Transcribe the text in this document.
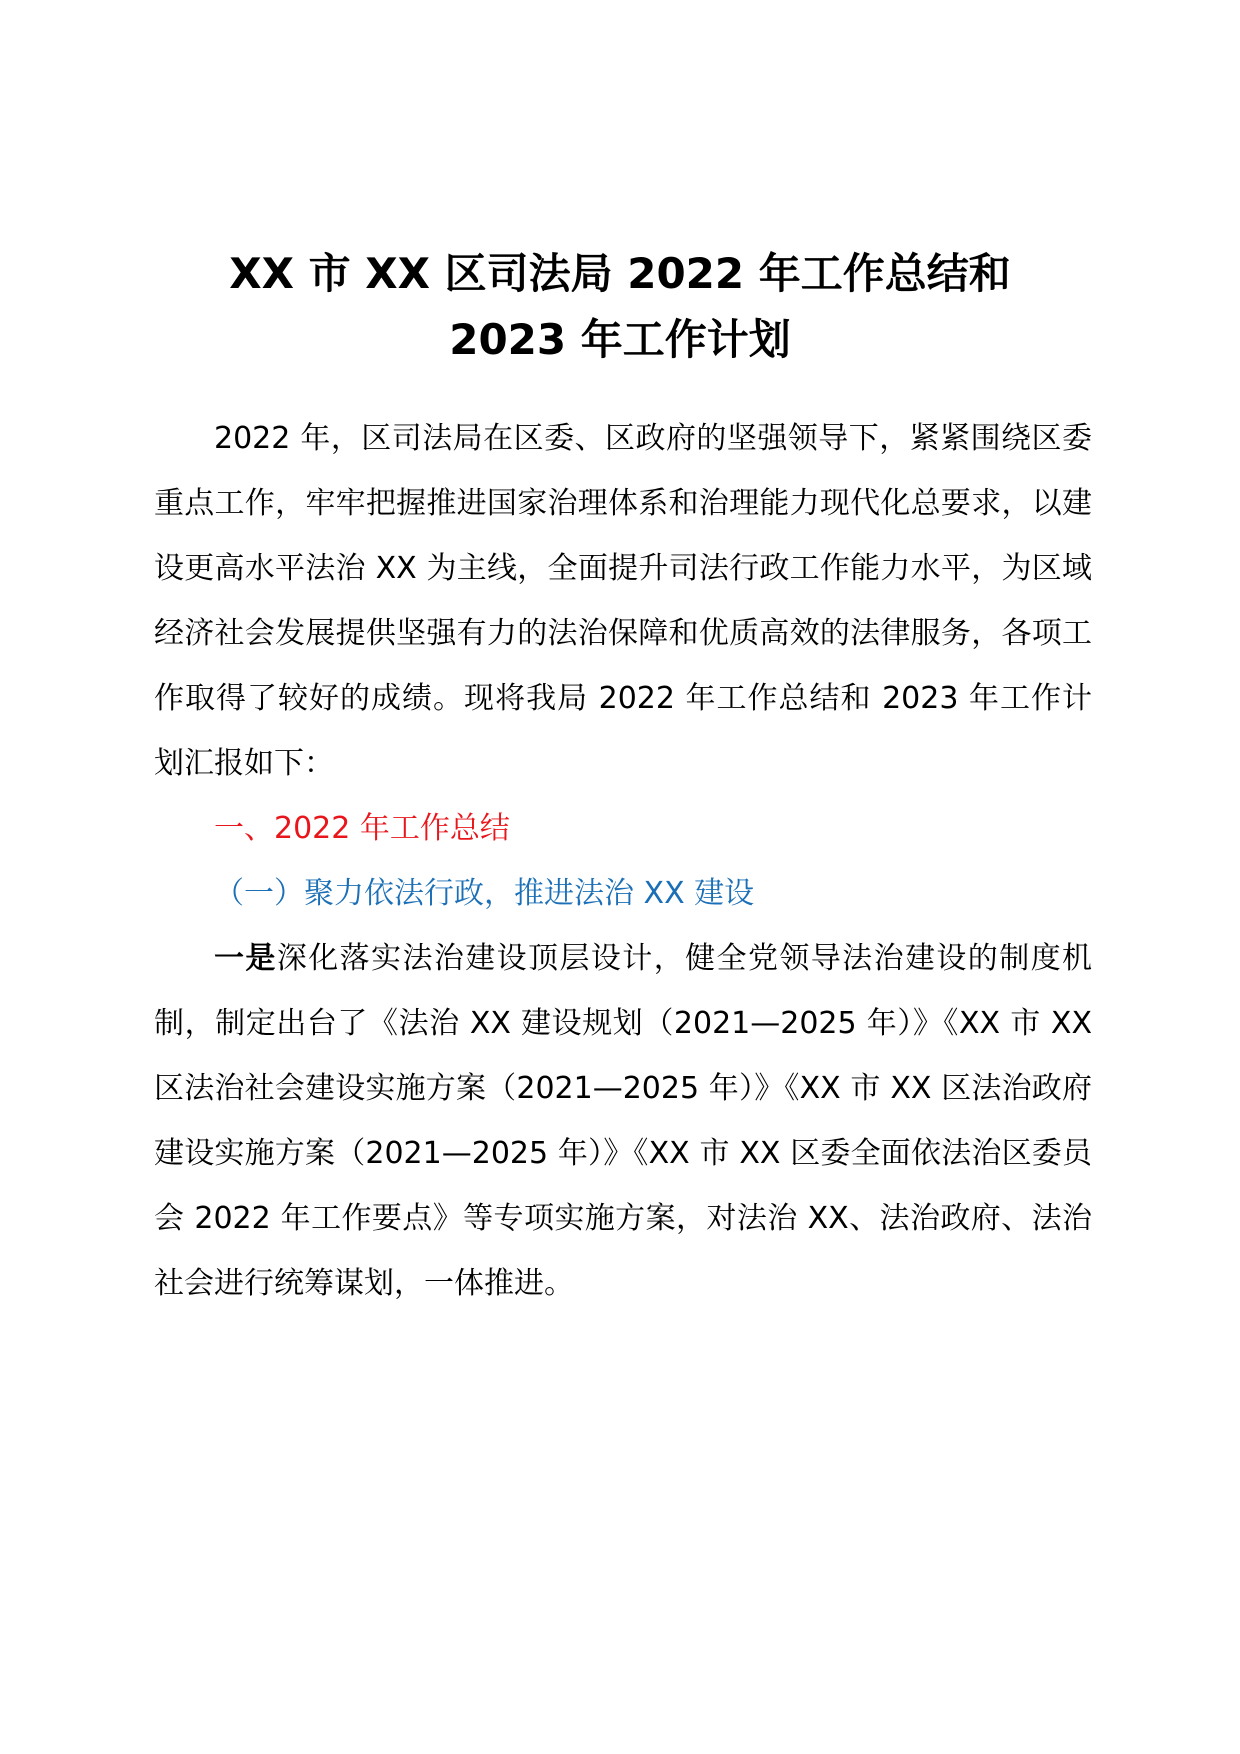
XX 市 XX 区司法局 2022 年工作总结和
2023 年工作计划

2022 年，区司法局在区委、区政府的坚强领导下，紧紧围绕区委重点工作，牢牢把握推进国家治理体系和治理能力现代化总要求，以建设更高水平法治 XX 为主线，全面提升司法行政工作能力水平，为区域经济社会发展提供坚强有力的法治保障和优质高效的法律服务，各项工作取得了较好的成绩。现将我局 2022 年工作总结和 2023 年工作计划汇报如下：

一、2022 年工作总结

（一）聚力依法行政，推进法治 XX 建设

一是深化落实法治建设顶层设计，健全党领导法治建设的制度机制，制定出台了《法治 XX 建设规划（2021—2025 年）》《XX 市 XX 区法治社会建设实施方案（2021—2025 年）》《XX 市 XX 区法治政府建设实施方案（2021—2025 年）》《XX 市 XX 区委全面依法治区委员会 2022 年工作要点》等专项实施方案，对法治 XX、法治政府、法治社会进行统筹谋划，一体推进。
